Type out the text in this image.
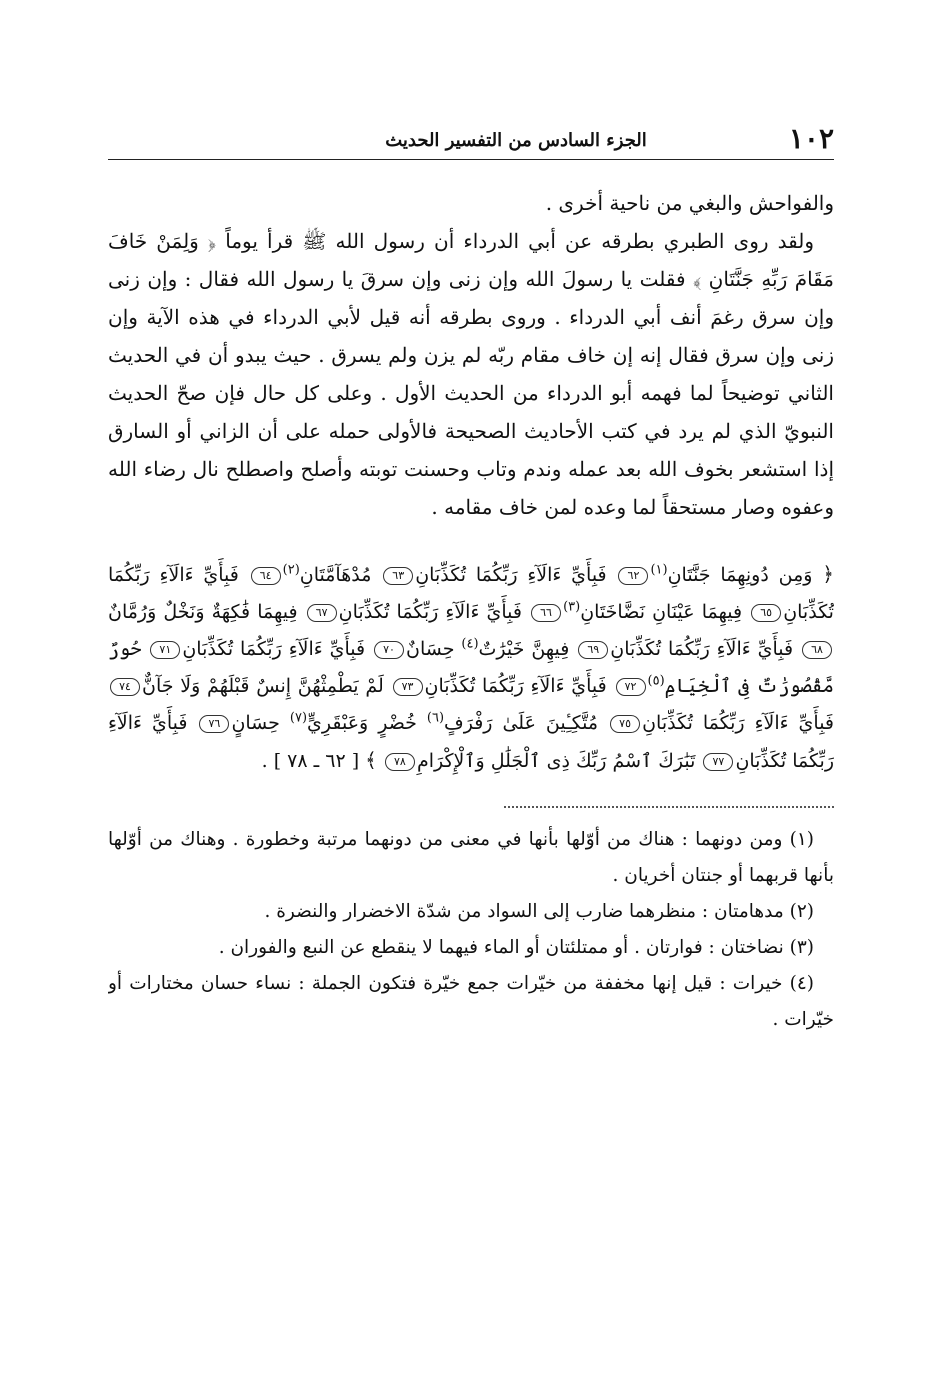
١٠٢
الجزء السادس من التفسير الحديث

والفواحش والبغي من ناحية أخرى .

ولقد روى الطبري بطرقه عن أبي الدرداء أن رسول الله ﷺ قرأ يوماً ﴿ وَلِمَنْ خَافَ مَقَامَ رَبِّهِ جَنَّتَانِ ﴾ فقلت يا رسولَ الله وإن زنى وإن سرقَ يا رسول الله فقال : وإن زنى وإن سرق رغمَ أنف أبي الدرداء . وروى بطرقه أنه قيل لأبي الدرداء في هذه الآية وإن زنى وإن سرق فقال إنه إن خاف مقام ربّه لم يزن ولم يسرق . حيث يبدو أن في الحديث الثاني توضيحاً لما فهمه أبو الدرداء من الحديث الأول . وعلى كل حال فإن صحّ الحديث النبويّ الذي لم يرد في كتب الأحاديث الصحيحة فالأولى حمله على أن الزاني أو السارق إذا استشعر بخوف الله بعد عمله وندم وتاب وحسنت توبته وأصلح واصطلح نال رضاء الله وعفوه وصار مستحقاً لما وعده لمن خاف مقامه .

﴿ وَمِن دُونِهِمَا جَنَّتَانِ$^{(١)}$٦٢ فَبِأَيِّ ءَالَآءِ رَبِّكُمَا تُكَذِّبَانِ٦٣ مُدْهَآمَّتَانِ$^{(٢)}$٦٤ فَبِأَيِّ ءَالَآءِ رَبِّكُمَا تُكَذِّبَانِ٦٥ فِيهِمَا عَيْنَانِ نَضَّاخَتَانِ$^{(٣)}$٦٦ فَبِأَيِّ ءَالَآءِ رَبِّكُمَا تُكَذِّبَانِ٦٧ فِيهِمَا فَٰكِهَةٌ وَنَخْلٌ وَرُمَّانٌ٦٨ فَبِأَيِّ ءَالَآءِ رَبِّكُمَا تُكَذِّبَانِ٦٩ فِيهِنَّ خَيْرَٰتٌ$^{(٤)}$ حِسَانٌ٧٠ فَبِأَيِّ ءَالَآءِ رَبِّكُمَا تُكَذِّبَانِ٧١ حُورٌ مَّقْصُورَٰتٌ فِى ٱلْخِيَامِ$^{(٥)}$٧٢ فَبِأَيِّ ءَالَآءِ رَبِّكُمَا تُكَذِّبَانِ٧٣ لَمْ يَطْمِثْهُنَّ إِنسٌ قَبْلَهُمْ وَلَا جَآنٌّ٧٤ فَبِأَيِّ ءَالَآءِ رَبِّكُمَا تُكَذِّبَانِ٧٥ مُتَّكِـِٔينَ عَلَىٰ رَفْرَفٍ$^{(٦)}$ خُضْرٍ وَعَبْقَرِيٍّ$^{(٧)}$ حِسَانٍ٧٦ فَبِأَيِّ ءَالَآءِ رَبِّكُمَا تُكَذِّبَانِ٧٧ تَبَٰرَكَ ٱسْمُ رَبِّكَ ذِى ٱلْجَلَٰلِ وَٱلْإِكْرَامِ٧٨ ﴾ [ ٦٢ ـ ٧٨ ] .

(١) ومن دونهما : هناك من أوّلها بأنها في معنى من دونهما مرتبة وخطورة . وهناك من أوّلها بأنها قربهما أو جنتان أخريان .

(٢) مدهامتان : منظرهما ضارب إلى السواد من شدّة الاخضرار والنضرة .

(٣) نضاختان : فوارتان . أو ممتلئتان أو الماء فيهما لا ينقطع عن النبع والفوران .

(٤) خيرات : قيل إنها مخففة من خيّرات جمع خيّرة فتكون الجملة : نساء حسان مختارات أو خيّرات .
